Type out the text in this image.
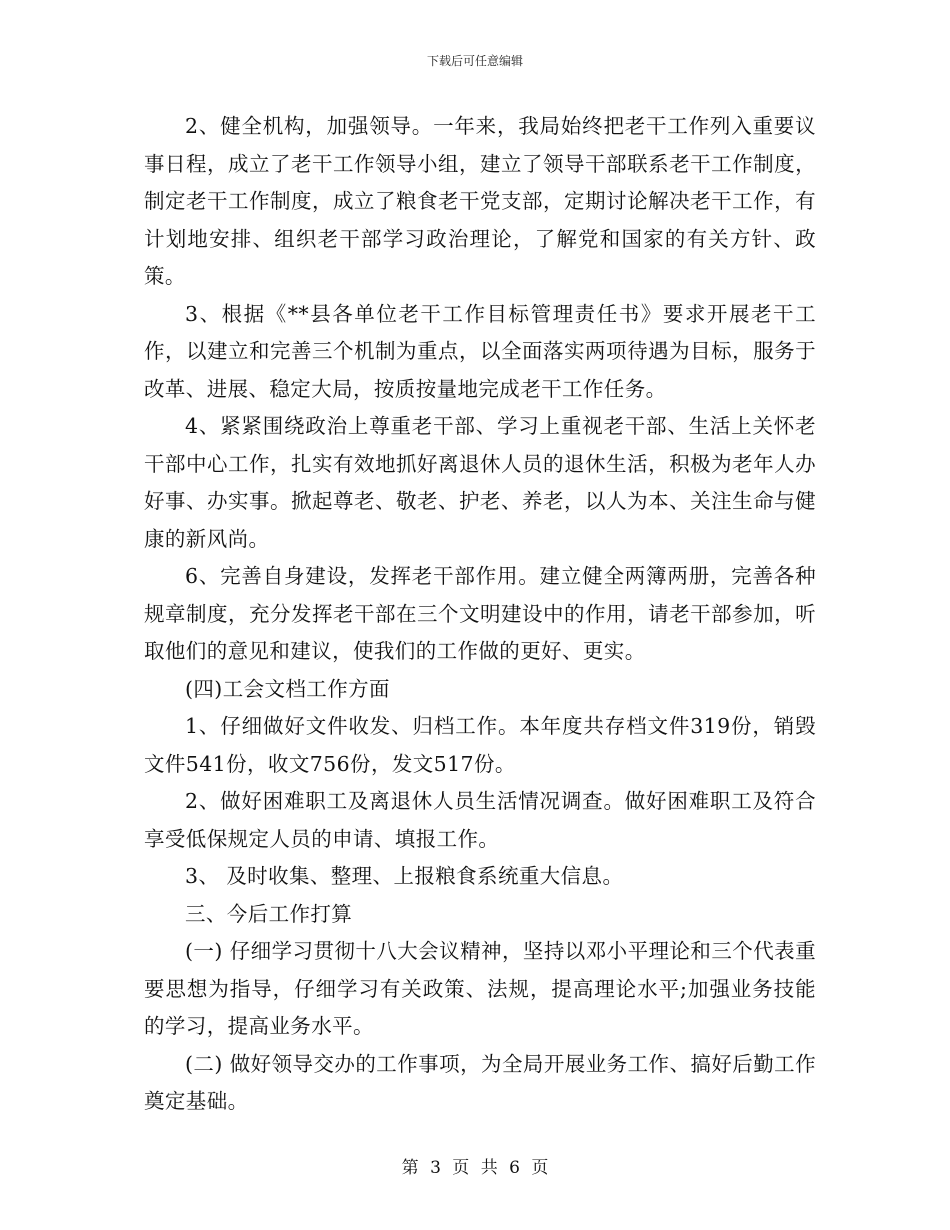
下载后可任意编辑

2、健全机构，加强领导。一年来，我局始终把老干工作列入重要议事日程，成立了老干工作领导小组，建立了领导干部联系老干工作制度，制定老干工作制度，成立了粮食老干党支部，定期讨论解决老干工作，有计划地安排、组织老干部学习政治理论，了解党和国家的有关方针、政策。

3、根据《**县各单位老干工作目标管理责任书》要求开展老干工作，以建立和完善三个机制为重点，以全面落实两项待遇为目标，服务于改革、进展、稳定大局，按质按量地完成老干工作任务。

4、紧紧围绕政治上尊重老干部、学习上重视老干部、生活上关怀老干部中心工作，扎实有效地抓好离退休人员的退休生活，积极为老年人办好事、办实事。掀起尊老、敬老、护老、养老，以人为本、关注生命与健康的新风尚。

6、完善自身建设，发挥老干部作用。建立健全两簿两册，完善各种规章制度，充分发挥老干部在三个文明建设中的作用，请老干部参加，听取他们的意见和建议，使我们的工作做的更好、更实。

(四)工会文档工作方面

1、仔细做好文件收发、归档工作。本年度共存档文件319份，销毁文件541份，收文756份，发文517份。

2、做好困难职工及离退休人员生活情况调查。做好困难职工及符合享受低保规定人员的申请、填报工作。

3、 及时收集、整理、上报粮食系统重大信息。

三、今后工作打算

(一) 仔细学习贯彻十八大会议精神，坚持以邓小平理论和三个代表重要思想为指导，仔细学习有关政策、法规，提高理论水平;加强业务技能的学习，提高业务水平。

(二) 做好领导交办的工作事项，为全局开展业务工作、搞好后勤工作奠定基础。

第 3 页 共 6 页
